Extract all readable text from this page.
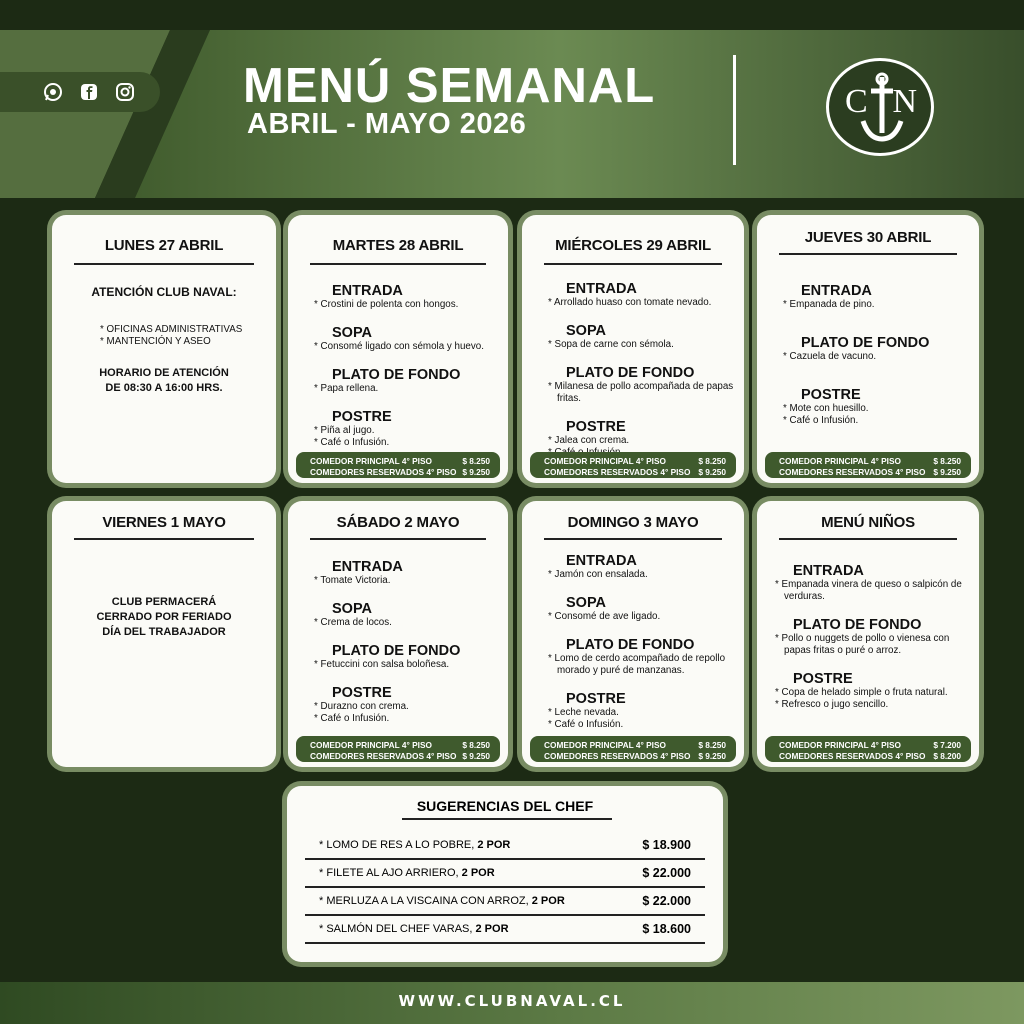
MENÚ SEMANAL
ABRIL - MAYO 2026
C N
LUNES 27 ABRIL
ATENCIÓN CLUB NAVAL:
* OFICINAS ADMINISTRATIVAS
* MANTENCIÓN Y ASEO
HORARIO DE ATENCIÓN
DE 08:30 A 16:00 HRS.
MARTES 28 ABRIL
ENTRADA
* Crostini de polenta con hongos.
SOPA
* Consomé ligado con sémola y huevo.
PLATO DE FONDO
* Papa rellena.
POSTRE
* Piña al jugo.
* Café o Infusión.
COMEDOR PRINCIPAL 4° PISO	$ 8.250
COMEDORES RESERVADOS 4° PISO $ 9.250
MIÉRCOLES 29 ABRIL
ENTRADA
* Arrollado huaso con tomate nevado.
SOPA
* Sopa de carne con sémola.
PLATO DE FONDO
* Milanesa de pollo acompañada de papas fritas.
POSTRE
* Jalea con crema.
*
COMEDOR PRINCIPAL 4° PISO	$ 8.250
COMEDORES RESERVADOS 4° PISO $ 9.250
JUEVES 30 ABRIL
ENTRADA
* Empanada de pino.
PLATO DE FONDO
* Cazuela de vacuno.
POSTRE
* Mote con huesillo.
* Café o Infusión.
COMEDOR PRINCIPAL 4° PISO	$ 8.250
COMEDORES RESERVADOS 4° PISO $ 9.250
VIERNES 1 MAYO
CLUB PERMACERÁ
CERRADO POR FERIADO
DÍA DEL TRABAJADOR
SÁBADO 2 MAYO
ENTRADA
* Tomate Victoria.
SOPA
* Crema de locos.
PLATO DE FONDO
* Fetuccini con salsa boloñesa.
POSTRE
* Durazno con crema.
* Café o Infusión.
COMEDOR PRINCIPAL 4° PISO	$ 8.250
COMEDORES RESERVADOS 4° PISO $ 9.250
DOMINGO 3 MAYO
ENTRADA
* Jamón con ensalada.
SOPA
* Consomé de ave ligado.
PLATO DE FONDO
* Lomo de cerdo acompañado de repollo morado y puré de manzanas.
POSTRE
* Leche nevada.
* Café o Infusión.
COMEDOR PRINCIPAL 4° PISO	$ 8.250
COMEDORES RESERVADOS 4° PISO $ 9.250
MENÚ NIÑOS
ENTRADA
* Empanada vinera de queso o salpicón de verduras.
PLATO DE FONDO
* Pollo o nuggets de pollo o vienesa con papas fritas o puré o arroz.
POSTRE
* Copa de helado simple o fruta natural.
* Refresco o jugo sencillo.
COMEDOR PRINCIPAL 4° PISO	$ 7.200
COMEDORES RESERVADOS 4° PISO $ 8.200
SUGERENCIAS DEL CHEF
* LOMO DE RES A LO POBRE, 2 POR	$ 18.900
* FILETE AL AJO ARRIERO, 2 POR	$ 22.000
* MERLUZA A LA VISCAINA CON ARROZ, 2 POR	$ 22.000
* SALMÓN DEL CHEF VARAS, 2 POR	$ 18.600
WWW.CLUBNAVAL.CL
